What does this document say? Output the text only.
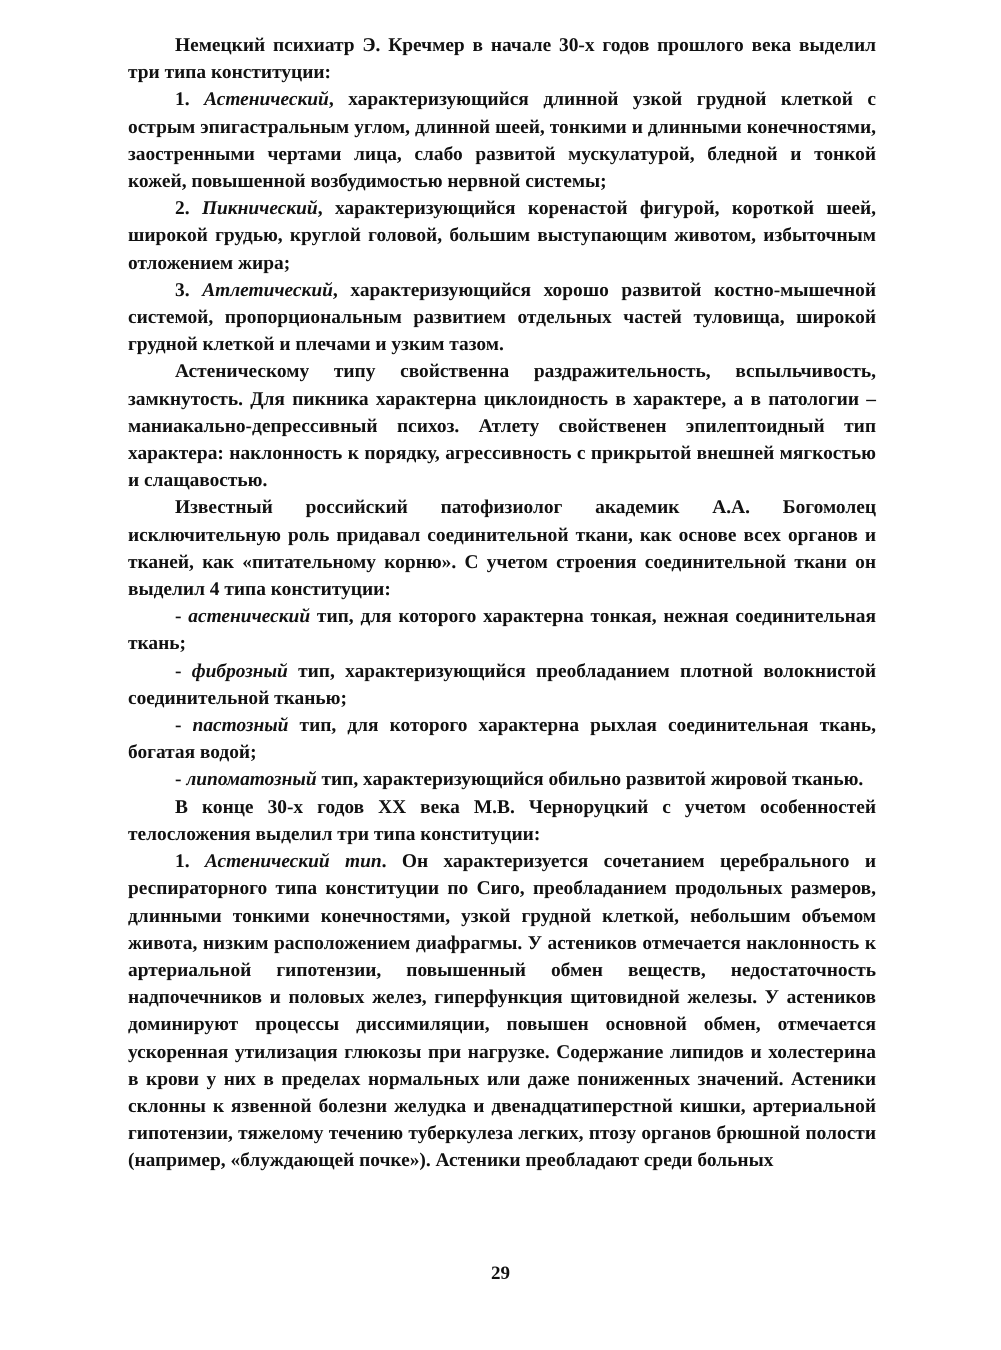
Немецкий психиатр Э. Кречмер в начале 30-х годов прошлого века выделил три типа конституции:

1. Астенический, характеризующийся длинной узкой грудной клеткой с острым эпигастральным углом, длинной шеей, тонкими и длинными конечностями, заостренными чертами лица, слабо развитой мускулатурой, бледной и тонкой кожей, повышенной возбудимостью нервной системы;

2. Пикнический, характеризующийся коренастой фигурой, короткой шеей, широкой грудью, круглой головой, большим выступающим животом, избыточным отложением жира;

3. Атлетический, характеризующийся хорошо развитой костно-мышечной системой, пропорциональным развитием отдельных частей туловища, широкой грудной клеткой и плечами и узким тазом.

Астеническому типу свойственна раздражительность, вспыльчивость, замкнутость. Для пикника характерна циклоидность в характере, а в патологии – маниакально-депрессивный психоз. Атлету свойственен эпилептоидный тип характера: наклонность к порядку, агрессивность с прикрытой внешней мягкостью и слащавостью.

Известный российский патофизиолог академик А.А. Богомолец исключительную роль придавал соединительной ткани, как основе всех органов и тканей, как «питательному корню». С учетом строения соединительной ткани он выделил 4 типа конституции:

- астенический тип, для которого характерна тонкая, нежная соединительная ткань;

- фиброзный тип, характеризующийся преобладанием плотной волокнистой соединительной тканью;

- пастозный тип, для которого характерна рыхлая соединительная ткань, богатая водой;

- липоматозный тип, характеризующийся обильно развитой жировой тканью.

В конце 30-х годов XX века М.В. Черноруцкий с учетом особенностей телосложения выделил три типа конституции:

1. Астенический тип. Он характеризуется сочетанием церебрального и респираторного типа конституции по Сиго, преобладанием продольных размеров, длинными тонкими конечностями, узкой грудной клеткой, небольшим объемом живота, низким расположением диафрагмы. У астеников отмечается наклонность к артериальной гипотензии, повышенный обмен веществ, недостаточность надпочечников и половых желез, гиперфункция щитовидной железы. У астеников доминируют процессы диссимиляции, повышен основной обмен, отмечается ускоренная утилизация глюкозы при нагрузке. Содержание липидов и холестерина в крови у них в пределах нормальных или даже пониженных значений. Астеники склонны к язвенной болезни желудка и двенадцатиперстной кишки, артериальной гипотензии, тяжелому течению туберкулеза легких, птозу органов брюшной полости (например, «блуждающей почке»). Астеники преобладают среди больных

29
